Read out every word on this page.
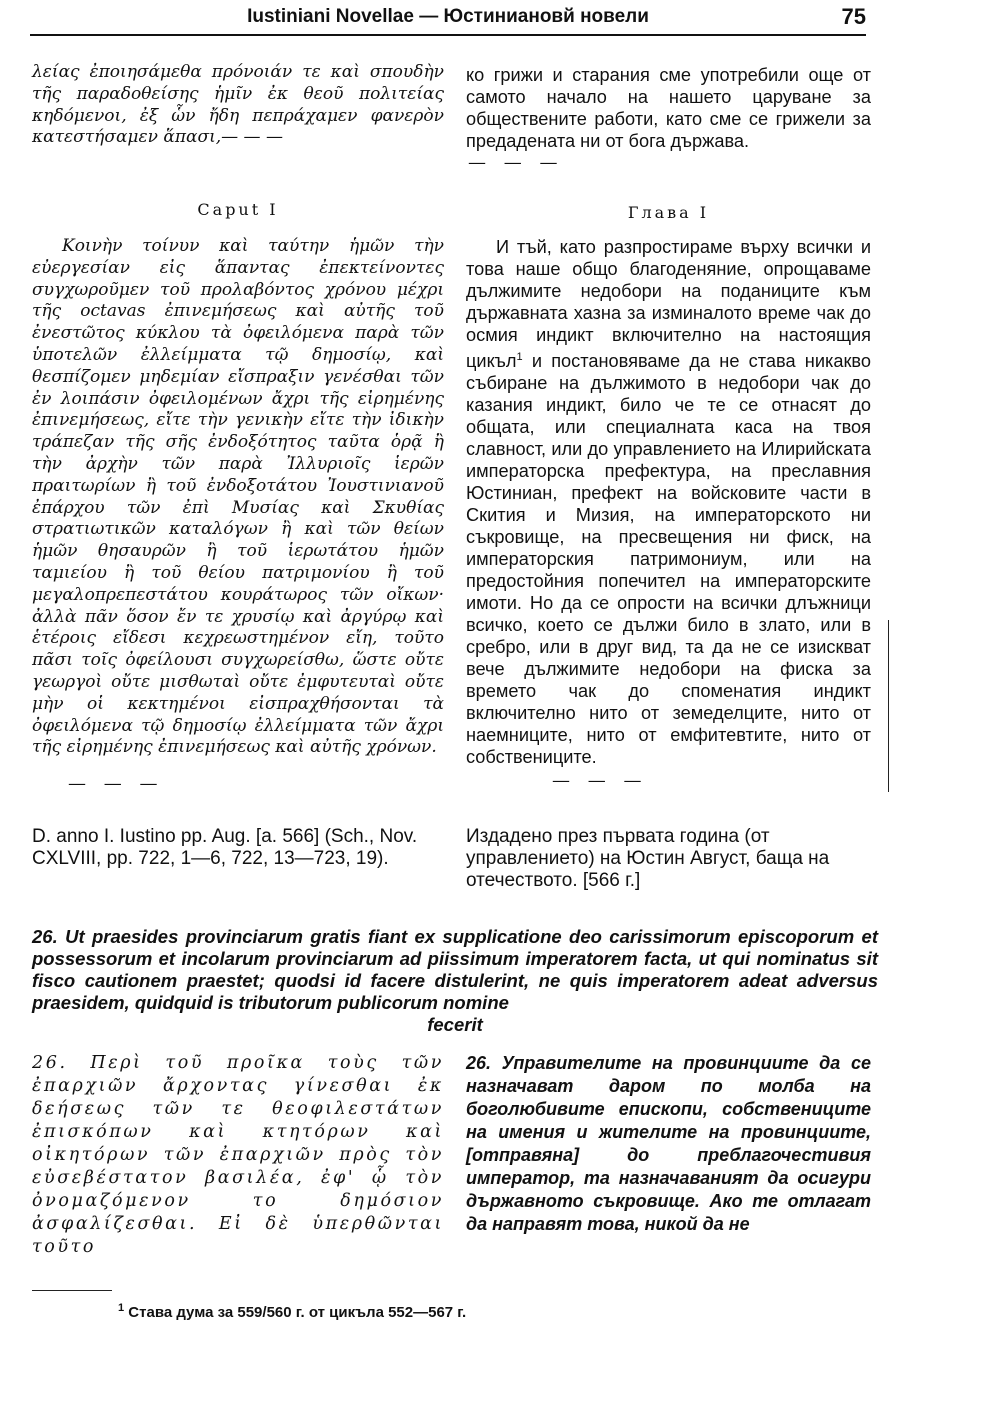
Iustiniani Novellae — Юстиниановй новели	75

λείας ἐποιησάμεθα πρόνοιάν τε καὶ σπουδὴν τῆς παραδοθείσης ἡμῖν ἐκ θεοῦ πολιτείας κηδόμενοι, ἐξ ὧν ἤδη πεπράχαμεν φανερὸν κατεστήσαμεν ἅπασι,— — —

ко грижи и старания сме употребили още от самото начало на нашето царуване за обществените работи, като сме се грижели за предадената ни от бога държава.

— — —
Caput I	Глава I

Κοινὴν τοίνυν καὶ ταύτην ἡμῶν τὴν εὐεργεσίαν εἰς ἅπαντας ἐπεκτείνοντες συγχωροῦμεν τοῦ προλαβόντος χρόνου μέχρι τῆς octavas ἐπινεμήσεως καὶ αὐτῆς τοῦ ἐνεστῶτος κύκλου τὰ ὀφειλόμενα παρὰ τῶν ὑποτελῶν ἐλλείμματα τῷ δημοσίῳ, καὶ θεσπίζομεν μηδεμίαν εἴσπραξιν γενέσθαι τῶν ἐν λοιπάσιν ὀφειλομένων ἄχρι τῆς εἰρημένης ἐπινεμήσεως, εἴτε τὴν γενικὴν εἴτε τὴν ἰδικὴν τράπεζαν τῆς σῆς ἐνδοξότητος ταῦτα ὁρᾷ ἢ τὴν ἀρχὴν τῶν παρὰ Ἰλλυριοῖς ἱερῶν πραιτωρίων ἢ τοῦ ἐνδοξοτάτου Ἰουστινιανοῦ ἐπάρχου τῶν ἐπὶ Μυσίας καὶ Σκυθίας στρατιωτικῶν καταλόγων ἢ καὶ τῶν θείων ἡμῶν θησαυρῶν ἢ τοῦ ἱερωτάτου ἡμῶν ταμιείου ἢ τοῦ θείου πατριμονίου ἢ τοῦ μεγαλοπρεπεστάτου κουράτωρος τῶν οἴκων· ἀλλὰ πᾶν ὅσον ἔν τε χρυσίῳ καὶ ἀργύρῳ καὶ ἑτέροις εἴδεσι κεχρεωστημένον εἴη, τοῦτο πᾶσι τοῖς ὀφείλουσι συγχωρείσθω, ὥστε οὔτε γεωργοὶ οὔτε μισθωταὶ οὔτε ἐμφυτευταὶ οὔτε μὴν οἱ κεκτημένοι εἰσπραχθήσονται τὰ ὀφειλόμενα τῷ δημοσίῳ ἐλλείμματα τῶν ἄχρι τῆς εἰρημένης ἐπινεμήσεως καὶ αὐτῆς χρόνων.

— — —

И тъй, като разпростираме върху всички и това наше общо благоденяние, опрощаваме дължимите недобори на поданиците към държавната хазна за изминалото време чак до осмия индикт включително на настоящия цикъл$^1$ и постановяваме да не става никакво събиране на дължимото в недобори чак до казания индикт, било че те се отнасят до общата, или специалната каса на твоя славност, или до управлението на Илирийската императорска префектура, на преславния Юстиниан, префект на войсковите части в Скития и Мизия, на императорското ни съкровище, на пресвещения ни фиск, на императорския патримониум, или на предостойния попечител на императорските имоти. Но да се опрости на всички длъжници всичко, което се дължи било в злато, или в сребро, или в друг вид, та да не се изискват вече дължимите недобори на фиска за времето чак до споменатия индикт включително нито от земеделците, нито от наемниците, нито от емфитевтите, нито от собствениците.

— — —

D. anno I. Iustino pp. Aug. [a. 566] (Sch., Nov. CXLVIII, pp. 722, 1—6, 722, 13—723, 19).

Издадено през първата година (от управлението) на Юстин Август, баща на отечеството. [566 г.]

26. Ut praesides provinciarum gratis fiant ex supplicatione deo carissimorum episcoporum et possessorum et incolarum provinciarum ad piissimum imperatorem facta, ut qui nominatus sit fisco cautionem praestet; quodsi id facere distulerint, ne quis imperatorem adeat adversus praesidem, quidquid is tributorum publicorum nomine
fecerit

26. Περὶ τοῦ προῖκα τοὺς τῶν ἐπαρχιῶν ἄρχοντας γίνεσθαι ἐκ δεήσεως τῶν τε θεοφιλεστάτων ἐπισκόπων καὶ κτητόρων καὶ οἰκητόρων τῶν ἐπαρχιῶν πρὸς τὸν εὐσεβέστατον βασιλέα, ἐφ' ᾧ τὸν ὀνομαζόμενον το δημόσιον ἀσφαλίζεσθαι. Εἰ δὲ ὑπερθῶνται τοῦτο

26. Управителите на провинциите да се назначават даром по молба на боголюбивите епископи, собствениците на имения и жителите на провинциите, [отправяна] до преблагочестивия император, та назначаваният да осигури държавното съкровище. Ако те отлагат да направят това, никой да не

$^1$ Става дума за 559/560 г. от цикъла 552—567 г.
